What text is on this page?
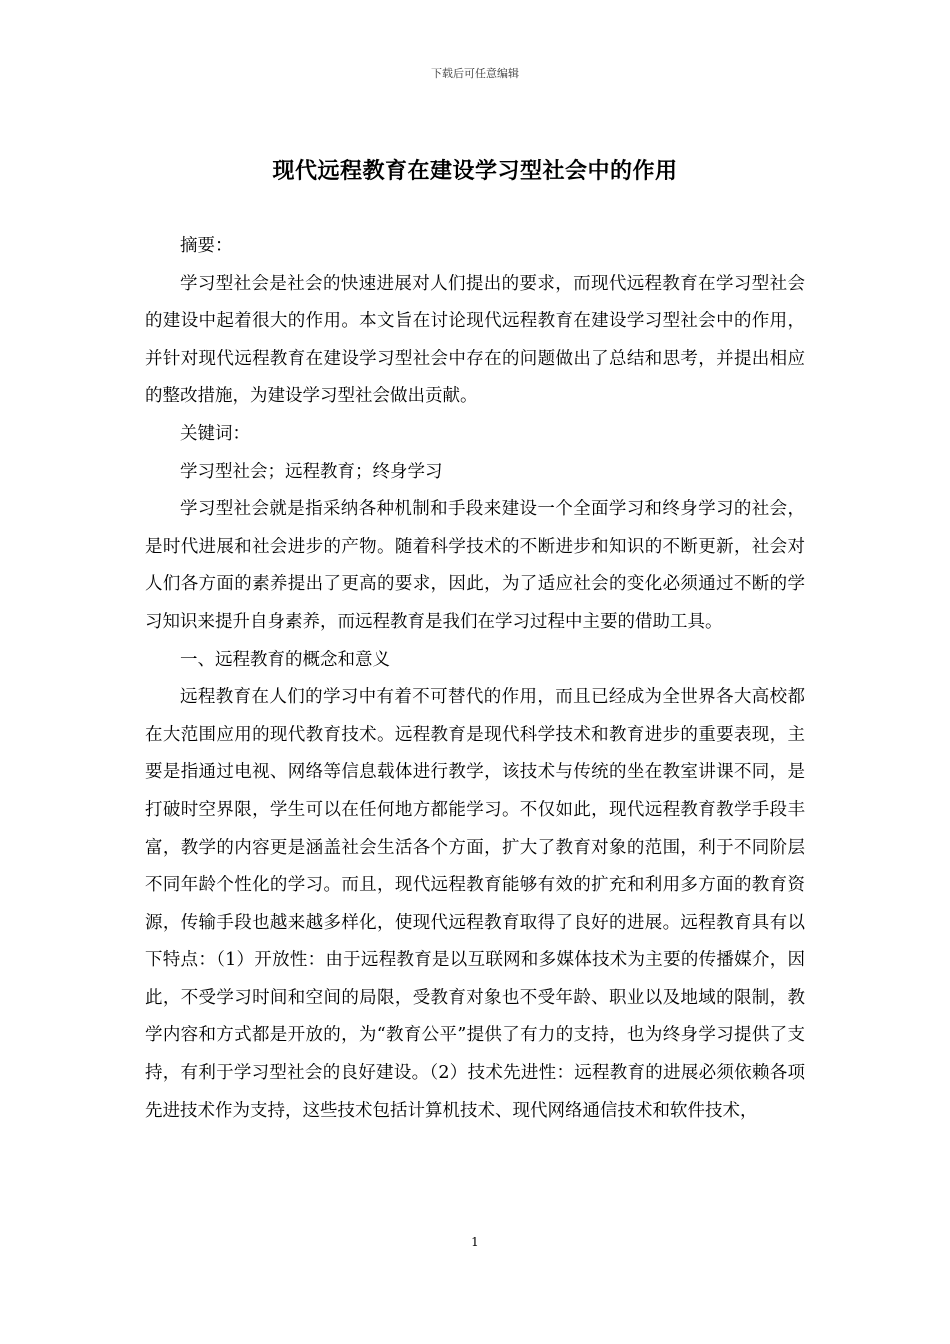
下载后可任意编辑
现代远程教育在建设学习型社会中的作用

摘要：

学习型社会是社会的快速进展对人们提出的要求，而现代远程教育在学习型社会的建设中起着很大的作用。本文旨在讨论现代远程教育在建设学习型社会中的作用，并针对现代远程教育在建设学习型社会中存在的问题做出了总结和思考，并提出相应的整改措施，为建设学习型社会做出贡献。

关键词：

学习型社会；远程教育；终身学习

学习型社会就是指采纳各种机制和手段来建设一个全面学习和终身学习的社会，是时代进展和社会进步的产物。随着科学技术的不断进步和知识的不断更新，社会对人们各方面的素养提出了更高的要求，因此，为了适应社会的变化必须通过不断的学习知识来提升自身素养，而远程教育是我们在学习过程中主要的借助工具。

一、远程教育的概念和意义

远程教育在人们的学习中有着不可替代的作用，而且已经成为全世界各大高校都在大范围应用的现代教育技术。远程教育是现代科学技术和教育进步的重要表现，主要是指通过电视、网络等信息载体进行教学，该技术与传统的坐在教室讲课不同，是打破时空界限，学生可以在任何地方都能学习。不仅如此，现代远程教育教学手段丰富，教学的内容更是涵盖社会生活各个方面，扩大了教育对象的范围，利于不同阶层不同年龄个性化的学习。而且，现代远程教育能够有效的扩充和利用多方面的教育资源，传输手段也越来越多样化，使现代远程教育取得了良好的进展。远程教育具有以下特点：（1）开放性：由于远程教育是以互联网和多媒体技术为主要的传播媒介，因此，不受学习时间和空间的局限，受教育对象也不受年龄、职业以及地域的限制，教学内容和方式都是开放的，为“教育公平”提供了有力的支持，也为终身学习提供了支持，有利于学习型社会的良好建设。（2）技术先进性：远程教育的进展必须依赖各项先进技术作为支持，这些技术包括计算机技术、现代网络通信技术和软件技术，

1
